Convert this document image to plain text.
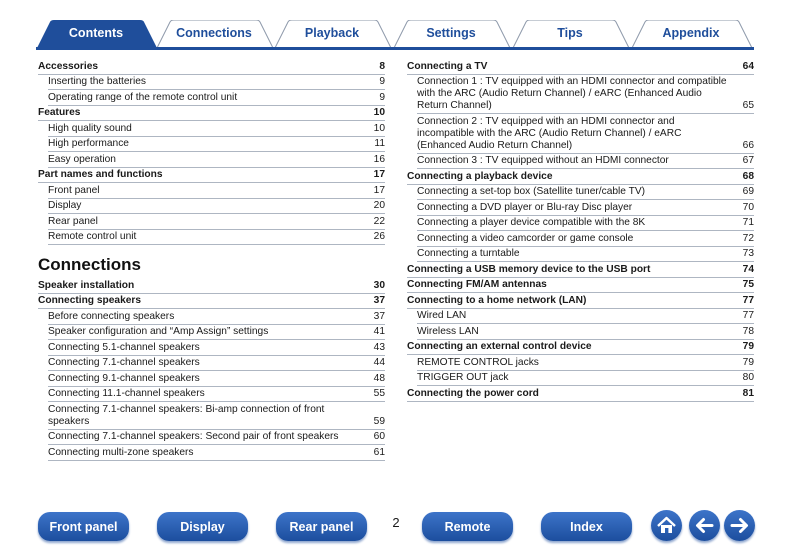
Contents	Connections	Playback	Settings	Tips	Appendix
Accessories	8
Inserting the batteries	9
Operating range of the remote control unit	9
Features	10
High quality sound	10
High performance	11
Easy operation	16
Part names and functions	17
Front panel	17
Display	20
Rear panel	22
Remote control unit	26
Connections
Speaker installation	30
Connecting speakers	37
Before connecting speakers	37
Speaker configuration and “Amp Assign” settings	41
Connecting 5.1-channel speakers	43
Connecting 7.1-channel speakers	44
Connecting 9.1-channel speakers	48
Connecting 11.1-channel speakers	55
Connecting 7.1-channel speakers: Bi-amp connection of front speakers	59
Connecting 7.1-channel speakers: Second pair of front speakers	60
Connecting multi-zone speakers	61
Connecting a TV	64
Connection 1 : TV equipped with an HDMI connector and compatible with the ARC (Audio Return Channel) / eARC (Enhanced Audio Return Channel)	65
Connection 2 : TV equipped with an HDMI connector and incompatible with the ARC (Audio Return Channel) / eARC (Enhanced Audio Return Channel)	66
Connection 3 : TV equipped without an HDMI connector	67
Connecting a playback device	68
Connecting a set-top box (Satellite tuner/cable TV)	69
Connecting a DVD player or Blu-ray Disc player	70
Connecting a player device compatible with the 8K	71
Connecting a video camcorder or game console	72
Connecting a turntable	73
Connecting a USB memory device to the USB port	74
Connecting FM/AM antennas	75
Connecting to a home network (LAN)	77
Wired LAN	77
Wireless LAN	78
Connecting an external control device	79
REMOTE CONTROL jacks	79
TRIGGER OUT jack	80
Connecting the power cord	81
Front panel	Display	Rear panel	2	Remote	Index
